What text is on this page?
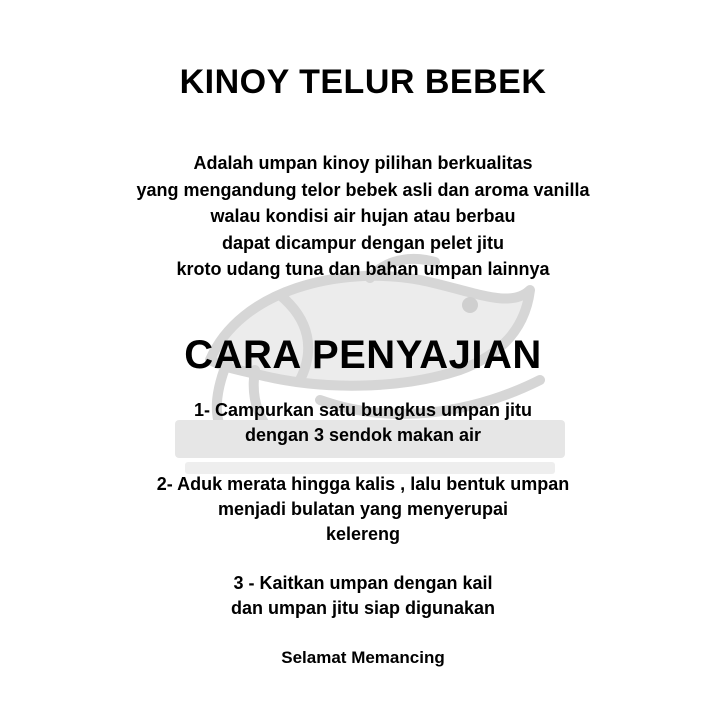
KINOY TELUR BEBEK
Adalah umpan kinoy pilihan berkualitas
yang mengandung telor bebek asli dan aroma vanilla
walau kondisi air hujan atau berbau
dapat dicampur dengan pelet jitu
kroto udang tuna dan bahan umpan lainnya
CARA PENYAJIAN
1- Campurkan satu bungkus umpan jitu
dengan 3 sendok makan air
2- Aduk merata hingga kalis , lalu bentuk umpan
menjadi bulatan yang menyerupai
kelereng
3 - Kaitkan umpan dengan kail
dan umpan jitu siap digunakan
Selamat Memancing
